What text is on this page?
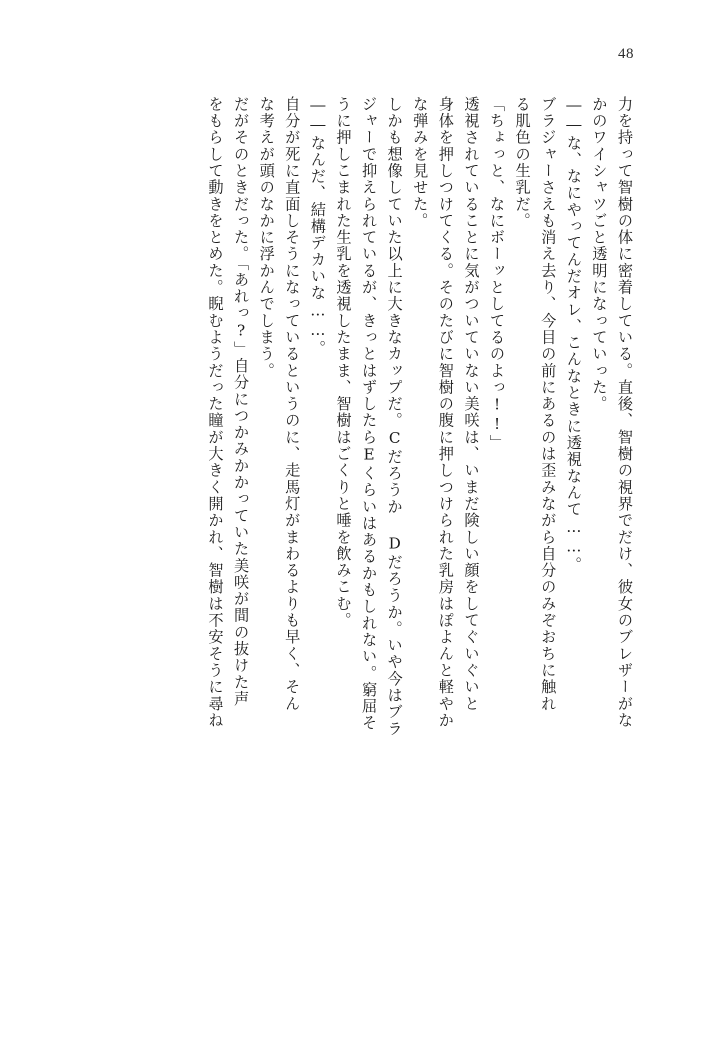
48
力を持って智樹の体に密着している。直後、智樹の視界でだけ、彼女のブレザーがな
かのワイシャツごと透明になっていった。
――な、なにやってんだオレ、こんなときに透視なんて……。
ブラジャーさえも消え去り、今目の前にあるのは歪みながら自分のみぞおちに触れ
る肌色の生乳だ。
「ちょっと、なにボーッとしてるのよっ!!」
透視されていることに気がついていない美咲は、いまだ険しい顔をしてぐいぐいと
身体を押しつけてくる。そのたびに智樹の腹に押しつけられた乳房はぽよんと軽やか
な弾みを見せた。
しかも想像していた以上に大きなカップだ。Cだろうか Dだろうか。いや今はブラ
ジャーで抑えられているが、きっとはずしたらEくらいはあるかもしれない。窮屈そ
うに押しこまれた生乳を透視したまま、智樹はごくりと唾を飲みこむ。
――なんだ、結構デカいな……。
自分が死に直面しそうになっているというのに、走馬灯がまわるよりも早く、そん
な考えが頭のなかに浮かんでしまう。
だがそのときだった。「あれっ?」自分につかみかかっていた美咲が間の抜けた声
をもらして動きをとめた。睨むようだった瞳が大きく開かれ、智樹は不安そうに尋ね
